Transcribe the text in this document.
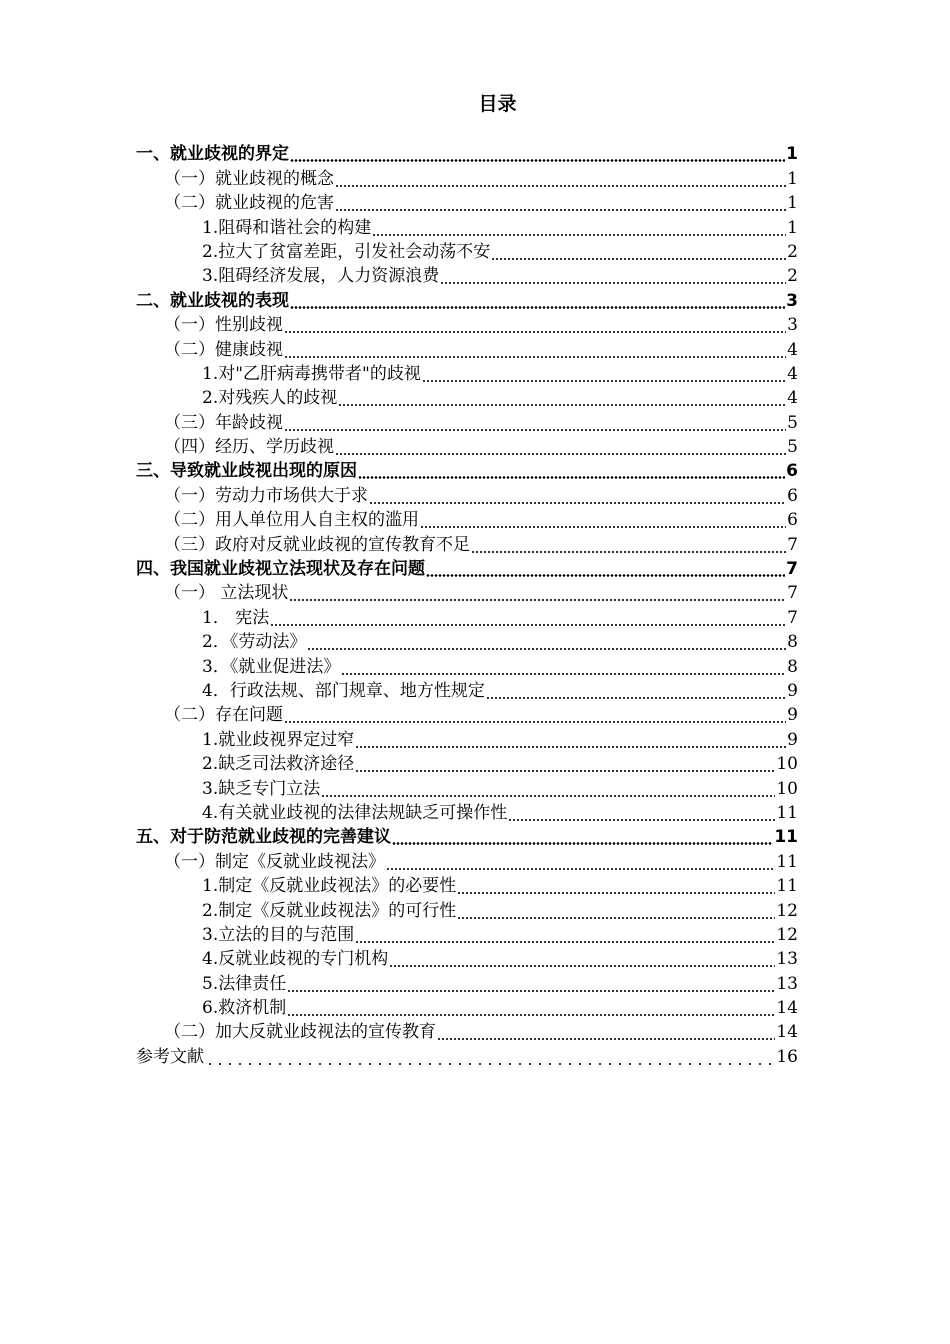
目录
一、就业歧视的界定	1
（一）就业歧视的概念	1
（二）就业歧视的危害	1
1.阻碍和谐社会的构建	1
2.拉大了贫富差距，引发社会动荡不安	2
3.阻碍经济发展，人力资源浪费	2
二、就业歧视的表现	3
（一）性别歧视	3
（二）健康歧视	4
1.对"乙肝病毒携带者"的歧视	4
2.对残疾人的歧视	4
（三）年龄歧视	5
（四）经历、学历歧视	5
三、导致就业歧视出现的原因	6
（一）劳动力市场供大于求	6
（二）用人单位用人自主权的滥用	6
（三）政府对反就业歧视的宣传教育不足	7
四、我国就业歧视立法现状及存在问题	7
（一） 立法现状	7
1． 宪法	7
2．《劳动法》	8
3．《就业促进法》	8
4．行政法规、部门规章、地方性规定	9
（二）存在问题	9
1.就业歧视界定过窄	9
2.缺乏司法救济途径	10
3.缺乏专门立法	10
4.有关就业歧视的法律法规缺乏可操作性	11
五、对于防范就业歧视的完善建议	11
（一）制定《反就业歧视法》	11
1.制定《反就业歧视法》的必要性	11
2.制定《反就业歧视法》的可行性	12
3.立法的目的与范围	12
4.反就业歧视的专门机构	13
5.法律责任	13
6.救济机制	14
（二）加大反就业歧视法的宣传教育	14
参考文献	16
